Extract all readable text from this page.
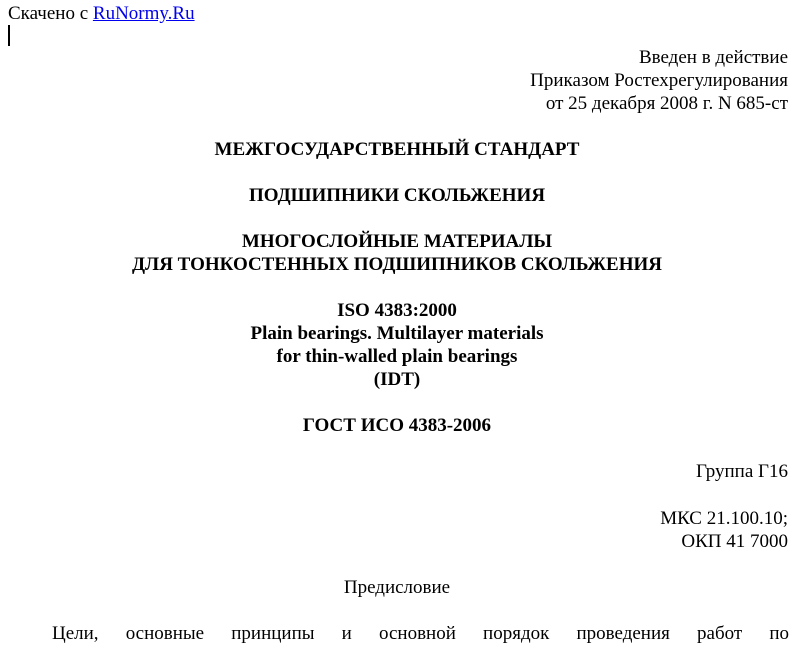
Скачено с RuNormy.Ru
Введен в действие
Приказом Ростехрегулирования
от 25 декабря 2008 г. N 685-ст
МЕЖГОСУДАРСТВЕННЫЙ СТАНДАРТ
ПОДШИПНИКИ СКОЛЬЖЕНИЯ
МНОГОСЛОЙНЫЕ МАТЕРИАЛЫ
ДЛЯ ТОНКОСТЕННЫХ ПОДШИПНИКОВ СКОЛЬЖЕНИЯ
ISO 4383:2000
Plain bearings. Multilayer materials
for thin-walled plain bearings
(IDT)
ГОСТ ИСО 4383-2006
Группа Г16
МКС 21.100.10;
ОКП 41 7000
Предисловие
Цели, основные принципы и основной порядок проведения работ по
